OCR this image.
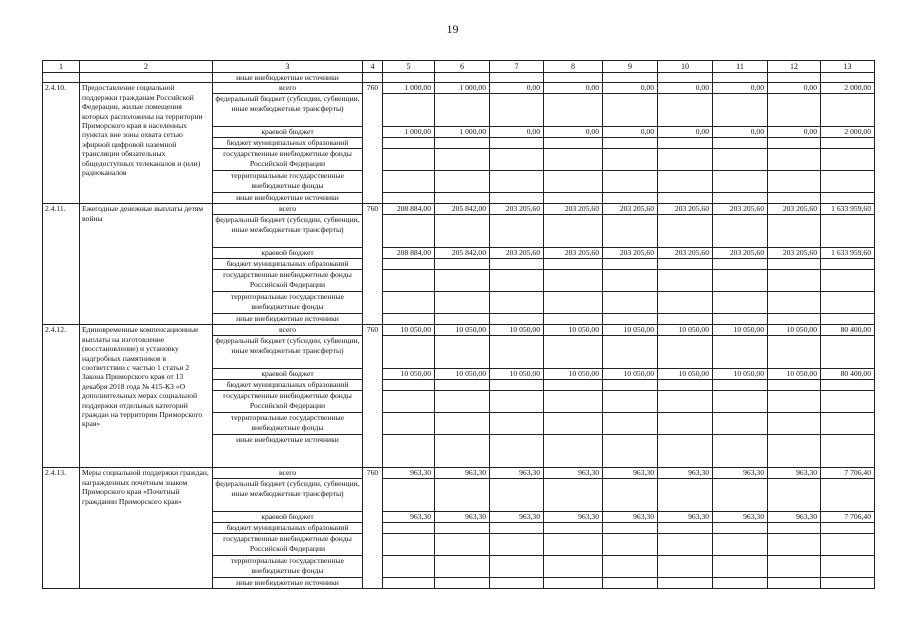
19
1	2	3	4	5	6	7	8	9	10	11	12	13
		иные внебюджетные источники										
2.4.10.	Предоставление социальной поддержки гражданам Российской Федерации, жилые помещения которых расположены на территории Приморского края в населенных пунктах вне зоны охвата сетью эфирной цифровой наземной трансляции обязательных общедоступных телеканалов и (или) радиоканалов	всего	760	1 000,00	1 000,00	0,00	0,00	0,00	0,00	0,00	0,00	2 000,00
		федеральный бюджет (субсидии, субвенции, иные межбюджетные трансферты)										
		краевой бюджет		1 000,00	1 000,00	0,00	0,00	0,00	0,00	0,00	0,00	2 000,00
		бюджет муниципальных образований										
		государственные внебюджетные фонды Российской Федерации										
		территориальные государственные внебюджетные фонды										
		иные внебюджетные источники										
2.4.11.	Ежегодные денежные выплаты детям войны	всего	760	208 884,00	205 842,00	203 205,60	203 205,60	203 205,60	203 205,60	203 205,60	203 205,60	1 633 959,60
		федеральный бюджет (субсидии, субвенции, иные межбюджетные трансферты)										
		краевой бюджет		208 884,00	205 842,00	203 205,60	203 205,60	203 205,60	203 205,60	203 205,60	203 205,60	1 633 959,60
		бюджет муниципальных образований										
		государственные внебюджетные фонды Российской Федерации										
		территориальные государственные внебюджетные фонды										
		иные внебюджетные источники										
2.4.12.	Единовременные компенсационные выплаты на изготовление (восстановление) и установку надгробных памятников в соответствии с частью 1 статьи 2 Закона Приморского края от 13 декабря 2018 года № 415-КЗ «О дополнительных мерах социальной поддержки отдельных категорий граждан на территории Приморского края»	всего	760	10 050,00	10 050,00	10 050,00	10 050,00	10 050,00	10 050,00	10 050,00	10 050,00	80 400,00
		федеральный бюджет (субсидии, субвенции, иные межбюджетные трансферты)										
		краевой бюджет		10 050,00	10 050,00	10 050,00	10 050,00	10 050,00	10 050,00	10 050,00	10 050,00	80 400,00
		бюджет муниципальных образований										
		государственные внебюджетные фонды Российской Федерации										
		территориальные государственные внебюджетные фонды										
		иные внебюджетные источники										
2.4.13.	Меры социальной поддержки граждан, награжденных почетным знаком Приморского края «Почетный гражданин Приморского края»	всего	760	963,30	963,30	963,30	963,30	963,30	963,30	963,30	963,30	7 706,40
		федеральный бюджет (субсидии, субвенции, иные межбюджетные трансферты)										
		краевой бюджет		963,30	963,30	963,30	963,30	963,30	963,30	963,30	963,30	7 706,40
		бюджет муниципальных образований										
		государственные внебюджетные фонды Российской Федерации										
		территориальные государственные внебюджетные фонды										
		иные внебюджетные источники										
